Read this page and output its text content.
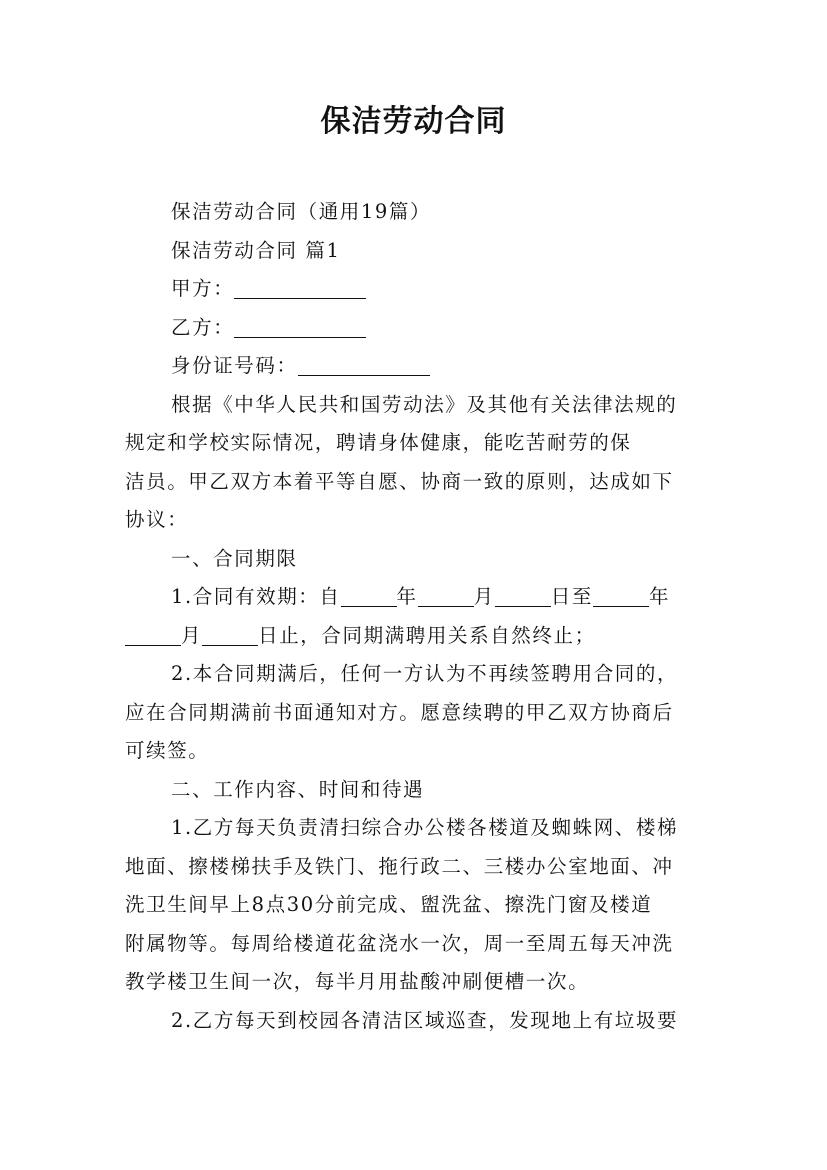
保洁劳动合同

保洁劳动合同（通用19篇）

保洁劳动合同 篇1

甲方：

乙方：

身份证号码：

根据《中华人民共和国劳动法》及其他有关法律法规的

规定和学校实际情况，聘请身体健康，能吃苦耐劳的保

洁员。甲乙双方本着平等自愿、协商一致的原则，达成如下

协议：

一、合同期限

1.合同有效期：自	年	月	日至	年

月	日止，合同期满聘用关系自然终止；

2.本合同期满后，任何一方认为不再续签聘用合同的，

应在合同期满前书面通知对方。愿意续聘的甲乙双方协商后

可续签。

二、工作内容、时间和待遇

1.乙方每天负责清扫综合办公楼各楼道及蜘蛛网、楼梯

地面、擦楼梯扶手及铁门、拖行政二、三楼办公室地面、冲

洗卫生间早上8点30分前完成、盥洗盆、擦洗门窗及楼道

附属物等。每周给楼道花盆浇水一次，周一至周五每天冲洗

教学楼卫生间一次，每半月用盐酸冲刷便槽一次。

2.乙方每天到校园各清洁区域巡查，发现地上有垃圾要
